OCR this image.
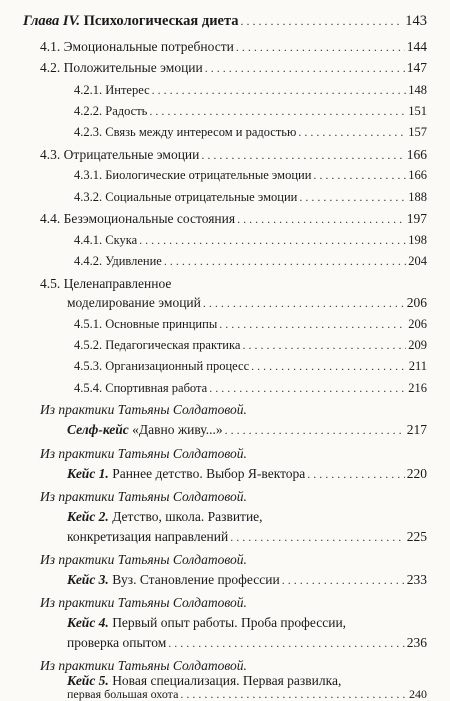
Глава IV. Психологическая диета . . .	143
4.1. Эмоциональные потребности . . .	144
4.2. Положительные эмоции . . .	147
4.2.1. Интерес . . .	148
4.2.2. Радость . . .	151
4.2.3. Связь между интересом и радостью . . .	157
4.3. Отрицательные эмоции . . .	166
4.3.1. Биологические отрицательные эмоции . . .	166
4.3.2. Социальные отрицательные эмоции . . .	188
4.4. Безэмоциональные состояния . . .	197
4.4.1. Скука . . .	198
4.4.2. Удивление . . .	204
4.5. Целенаправленное
моделирование эмоций . . .	206
4.5.1. Основные принципы . . .	206
4.5.2. Педагогическая практика . . .	209
4.5.3. Организационный процесс . . .	211
4.5.4. Спортивная работа . . .	216
Из практики Татьяны Солдатовой.
Селф-кейс «Давно живу...» . . .	217
Из практики Татьяны Солдатовой.
Кейс 1. Раннее детство. Выбор Я-вектора . . .	220
Из практики Татьяны Солдатовой.
Кейс 2. Детство, школа. Развитие,
конкретизация направлений . . .	225
Из практики Татьяны Солдатовой.
Кейс 3. Вуз. Становление профессии . . .	233
Из практики Татьяны Солдатовой.
Кейс 4. Первый опыт работы. Проба профессии,
проверка опытом . . .	236
Из практики Татьяны Солдатовой.
Кейс 5. Новая специализация. Первая развилка,
первая большая охота . . .	240
